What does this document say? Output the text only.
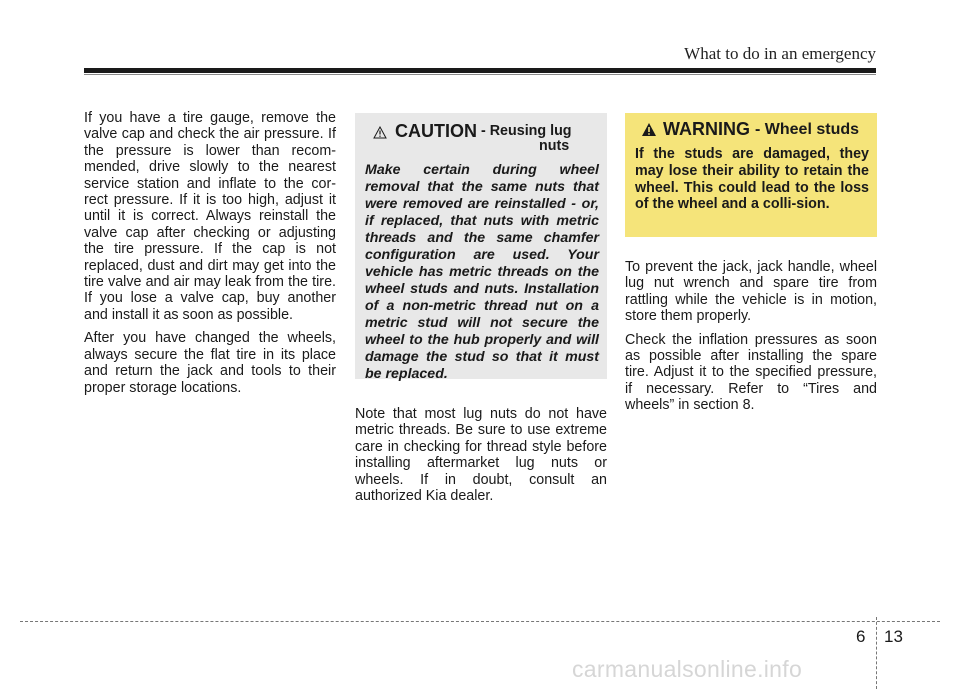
What to do in an emergency

If you have a tire gauge, remove the valve cap and check the air pressure. If the pressure is lower than recom-mended, drive slowly to the nearest service station and inflate to the cor-rect pressure. If it is too high, adjust it until it is correct. Always reinstall the valve cap after checking or adjusting the tire pressure. If the cap is not replaced, dust and dirt may get into the tire valve and air may leak from the tire. If you lose a valve cap, buy another and install it as soon as possible.

After you have changed the wheels, always secure the flat tire in its place and return the jack and tools to their proper storage locations.

CAUTION - Reusing lug
nuts
Make certain during wheel removal that the same nuts that were removed are reinstalled - or, if replaced, that nuts with metric threads and the same chamfer configuration are used. Your vehicle has metric threads on the wheel studs and nuts. Installation of a non-metric thread nut on a metric stud will not secure the wheel to the hub properly and will damage the stud so that it must be replaced.
Note that most lug nuts do not have metric threads. Be sure to use extreme care in checking for thread style before installing aftermarket lug nuts or wheels. If in doubt, consult an authorized Kia dealer.
WARNING - Wheel studs
If the studs are damaged, they may lose their ability to retain the wheel. This could lead to the loss of the wheel and a colli-sion.

To prevent the jack, jack handle, wheel lug nut wrench and spare tire from rattling while the vehicle is in motion, store them properly.

Check the inflation pressures as soon as possible after installing the spare tire. Adjust it to the specified pressure, if necessary. Refer to “Tires and wheels” in section 8.

6 13
carmanualsonline.info
